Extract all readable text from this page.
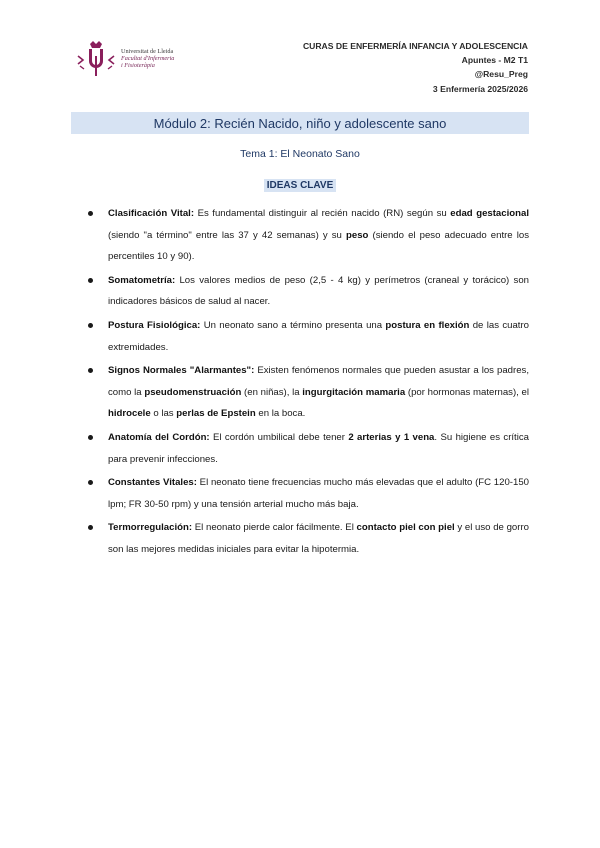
Universitat de Lleida
Facultat d'Infermeria
i Fisioteràpia
CURAS DE ENFERMERÍA INFANCIA Y ADOLESCENCIA
Apuntes - M2 T1
@Resu_Preg
3 Enfermería 2025/2026
Módulo 2: Recién Nacido, niño y adolescente sano
Tema 1: El Neonato Sano
IDEAS CLAVE
Clasificación Vital: Es fundamental distinguir al recién nacido (RN) según su edad gestacional (siendo "a término" entre las 37 y 42 semanas) y su peso (siendo el peso adecuado entre los percentiles 10 y 90).
Somatometría: Los valores medios de peso (2,5 - 4 kg) y perímetros (craneal y torácico) son indicadores básicos de salud al nacer.
Postura Fisiológica: Un neonato sano a término presenta una postura en flexión de las cuatro extremidades.
Signos Normales "Alarmantes": Existen fenómenos normales que pueden asustar a los padres, como la pseudomenstruación (en niñas), la ingurgitación mamaria (por hormonas maternas), el hidrocele o las perlas de Epstein en la boca.
Anatomía del Cordón: El cordón umbilical debe tener 2 arterias y 1 vena. Su higiene es crítica para prevenir infecciones.
Constantes Vitales: El neonato tiene frecuencias mucho más elevadas que el adulto (FC 120-150 lpm; FR 30-50 rpm) y una tensión arterial mucho más baja.
Termorregulación: El neonato pierde calor fácilmente. El contacto piel con piel y el uso de gorro son las mejores medidas iniciales para evitar la hipotermia.
